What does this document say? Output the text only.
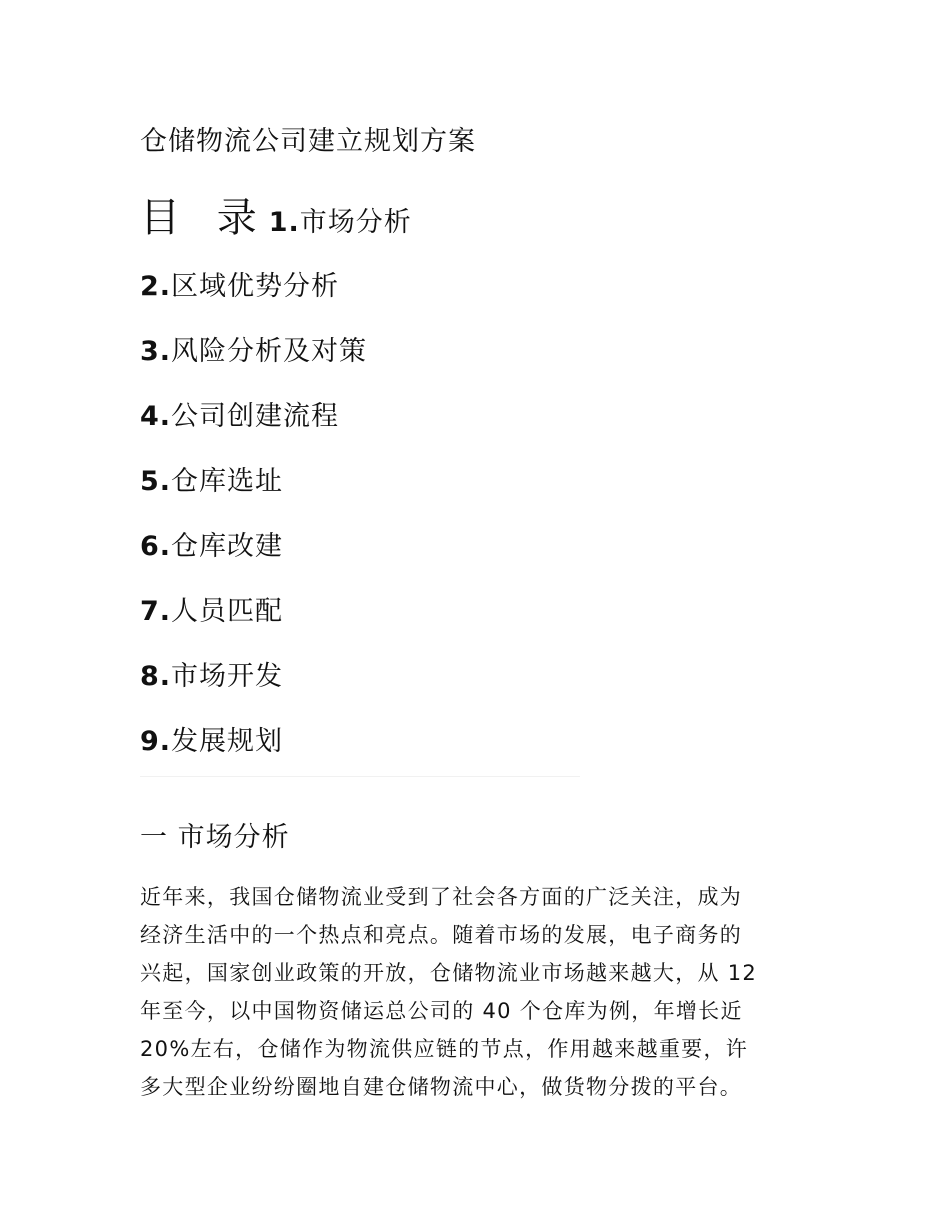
仓储物流公司建立规划方案
目 录1.市场分析
2.区域优势分析
3.风险分析及对策
4.公司创建流程
5.仓库选址
6.仓库改建
7.人员匹配
8.市场开发
9.发展规划
一 市场分析
近年来，我国仓储物流业受到了社会各方面的广泛关注，成为
经济生活中的一个热点和亮点。随着市场的发展，电子商务的
兴起，国家创业政策的开放，仓储物流业市场越来越大，从 12
年至今，以中国物资储运总公司的 40 个仓库为例，年增长近
20%左右，仓储作为物流供应链的节点，作用越来越重要，许
多大型企业纷纷圈地自建仓储物流中心，做货物分拨的平台。
